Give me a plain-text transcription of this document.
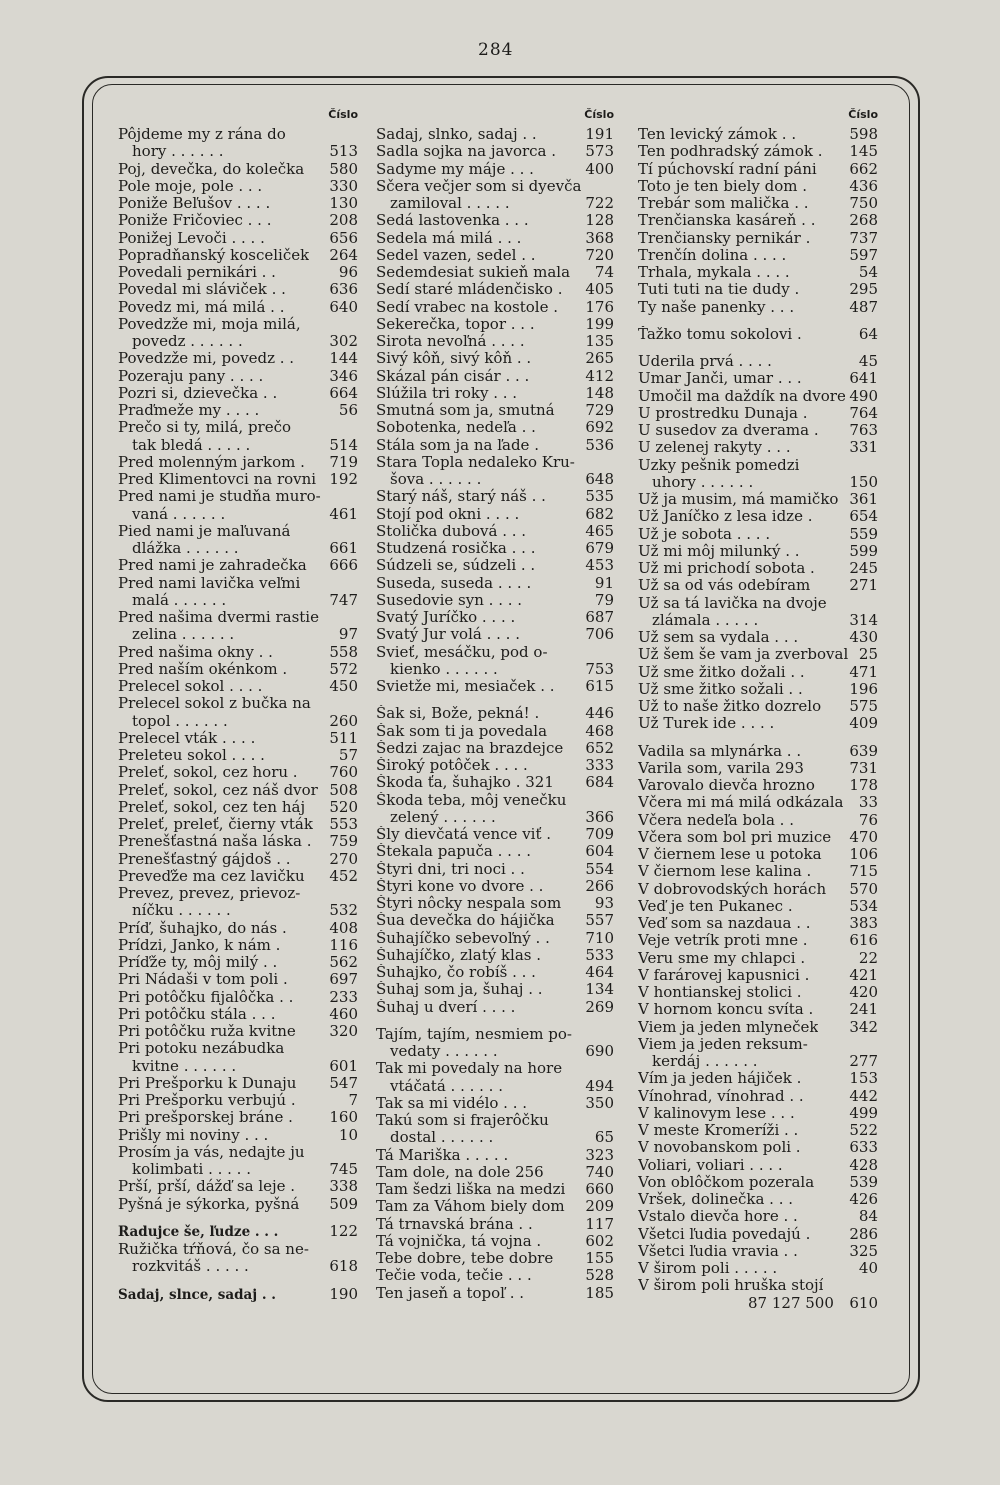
284
Číslo
Pôjdeme my z rána do
hory . . . . . .	513
Poj, devečka, do kolečka 580
Pole moje, pole . . .	330
Poniže Beľušov . . . .	130
Poniže Fričoviec . . .	208
Ponižej Levoči . . . .	656
Popradňanský kosceliček 264
Povedali pernikári . .	96
Povedal mi sláviček . .	636
Povedz mi, má milá . .	640
Povedzže mi, moja milá,
povedz . . . . . .	302
Povedzže mi, povedz . . 144
Pozeraju pany . . . .	346
Pozri si, dzievečka . .	664
Praďmeže my . . . .	56
Prečo si ty, milá, prečo
tak bledá . . . . .	514
Pred molenným jarkom . 719
Pred Klimentovci na rovni 192
Pred nami je studňa muro-
vaná . . . . . .	461
Pied nami je maľuvaná
dlážka . . . . . .	661
Pred nami je zahradečka 666
Pred nami lavička veľmi
malá . . . . . .	747
Pred našima dvermi rastie
zelina . . . . . .	97
Pred našima okny . .	558
Pred naším okénkom .	572
Prelecel sokol . . . .	450
Prelecel sokol z bučka na
topol . . . . . .	260
Prelecel vták . . . .	511
Preleteu sokol . . . .	57
Preleť, sokol, cez horu . 760
Preleť, sokol, cez náš dvor 508
Preleť, sokol, cez ten háj 520
Preleť, preleť, čierny vták 553
Prenešťastná naša láska . 759
Prenešťastný gájdoš . .	270
Preveďže ma cez lavičku 452
Prevez, prevez, prievoz-
níčku . . . . . .	532
Príď, šuhajko, do nás .	408
Prídzi, Janko, k nám .	116
Príďže ty, môj milý . .	562
Pri Nádaši v tom poli .	697
Pri potôčku fijalôčka . . 233
Pri potôčku stála . . .	460
Pri potôčku ruža kvitne 320
Pri potoku nezábudka
kvitne . . . . . .	601
Pri Prešporku k Dunaju 547
Pri Prešporku verbujú .	7
Pri prešporskej bráne . 160
Prišly mi noviny . . .	10
Prosím ja vás, nedajte ju
kolimbati . . . . .	745
Prší, prší, dážď sa leje . 338
Pyšná je sýkorka, pyšná 509
Radujce še, ľudze . . .	122
Ružička tŕňová, čo sa ne-
rozkvitáš . . . . .	618
Sadaj, slnce, sadaj . .	190
Číslo
Sadaj, slnko, sadaj . .	191
Sadla sojka na javorca . 573
Sadyme my máje . . .	400
Sčera večjer som si dyevča
zamiloval . . . . .	722
Sedá lastovenka . . .	128
Sedela má milá . . .	368
Sedel vazen, sedel . .	720
Sedemdesiat sukieň mala 74
Sedí staré mládenčisko . 405
Sedí vrabec na kostole . 176
Sekerečka, topor . . .	199
Sirota nevoľná . . . .	135
Sivý kôň, sivý kôň . .	265
Skázal pán cisár . . .	412
Slúžila tri roky . . .	148
Smutná som ja, smutná 729
Sobotenka, nedeľa . .	692
Stála som ja na ľade .	536
Stara Topla nedaleko Kru-
šova . . . . . .	648
Starý náš, starý náš . .	535
Stojí pod okni . . . .	682
Stolička dubová . . .	465
Studzená rosička . . .	679
Súdzeli se, súdzeli . .	453
Suseda, suseda . . . .	91
Susedovie syn . . . .	79
Svatý Juríčko . . . .	687
Svatý Jur volá . . . .	706
Svieť, mesáčku, pod o-
kienko . . . . . .	753
Svietže mi, mesiaček . . 615
Šak si, Bože, pekná! .	446
Šak som ti ja povedala	468
Šedzi zajac na brazdejce 652
Široký potôček . . . .	333
Škoda ťa, šuhajko . 321 684
Škoda teba, môj venečku
zelený . . . . . .	366
Šly dievčatá vence viť . 709
Štekala papuča . . . .	604
Štyri dni, tri noci . .	554
Štyri kone vo dvore . .	266
Štyri nôcky nespala som 93
Šua devečka do hájička 557
Šuhajíčko sebevoľný . . 710
Šuhajíčko, zlatý klas .	533
Šuhajko, čo robíš . . .	464
Šuhaj som ja, šuhaj . .	134
Šuhaj u dverí . . . .	269
Tajím, tajím, nesmiem po-
vedaty . . . . . .	690
Tak mi povedaly na hore
vtáčatá . . . . . .	494
Tak sa mi vidélo . . .	350
Takú som si frajerôčku
dostal . . . . . .	65
Tá Mariška . . . . .	323
Tam dole, na dole 256	740
Tam šedzi liška na medzi 660
Tam za Váhom biely dom 209
Tá trnavská brána . .	117
Tá vojnička, tá vojna .	602
Tebe dobre, tebe dobre 155
Tečie voda, tečie . . .	528
Ten jaseň a topoľ . .	185
Číslo
Ten levický zámok . .	598
Ten podhradský zámok . 145
Tí púchovskí radní páni 662
Toto je ten biely dom .	436
Trebár som malička . .	750
Trenčianska kasáreň . . 268
Trenčiansky pernikár .	737
Trenčín dolina . . . .	597
Trhala, mykala . . . .	54
Tuti tuti na tie dudy .	295
Ty naše panenky . . .	487
Ťažko tomu sokolovi .	64
Uderila prvá . . . .	45
Umar Janči, umar . . .	641
Umočil ma daždík na dvore 490
U prostredku Dunaja .	764
U susedov za dverama . 763
U zelenej rakyty . . .	331
Uzky pešnik pomedzi
uhory . . . . . .	150
Už ja musim, má mamičko 361
Už Janíčko z lesa idze . 654
Už je sobota . . . .	559
Už mi môj milunký . .	599
Už mi prichodí sobota . 245
Už sa od vás odebíram	271
Už sa tá lavička na dvoje
zlámala . . . . .	314
Už sem sa vydala . . .	430
Už šem še vam ja zverboval 25
Už sme žitko dožali . .	471
Už sme žitko sožali . .	196
Už to naše žitko dozrelo 575
Už Turek ide . . . .	409
Vadila sa mlynárka . .	639
Varila som, varila 293	731
Varovalo dievča hrozno 178
Včera mi má milá odkázala 33
Včera nedeľa bola . .	76
Včera som bol pri muzice 470
V čiernem lese u potoka 106
V čiernom lese kalina .	715
V dobrovodských horách 570
Veď je ten Pukanec .	534
Veď som sa nazdaua . .	383
Veje vetrík proti mne .	616
Veru sme my chlapci .	22
V farárovej kapusnici .	421
V hontianskej stolici .	420
V hornom koncu svíta . 241
Viem ja jeden mlyneček 342
Viem ja jeden reksum-
kerdáj . . . . . .	277
Vím ja jeden hájiček .	153
Vínohrad, vínohrad . .	442
V kalinovym lese . . .	499
V meste Kromeríži . .	522
V novobanskom poli .	633
Voliari, voliari . . . .	428
Von oblôčkom pozerala 539
Vršek, dolinečka . . .	426
Vstalo dievča hore . .	84
Všetci ľudia povedajú .	286
Všetci ľudia vravia . .	325
V širom poli . . . . .	40
V širom poli hruška stojí
87 127 500 610
